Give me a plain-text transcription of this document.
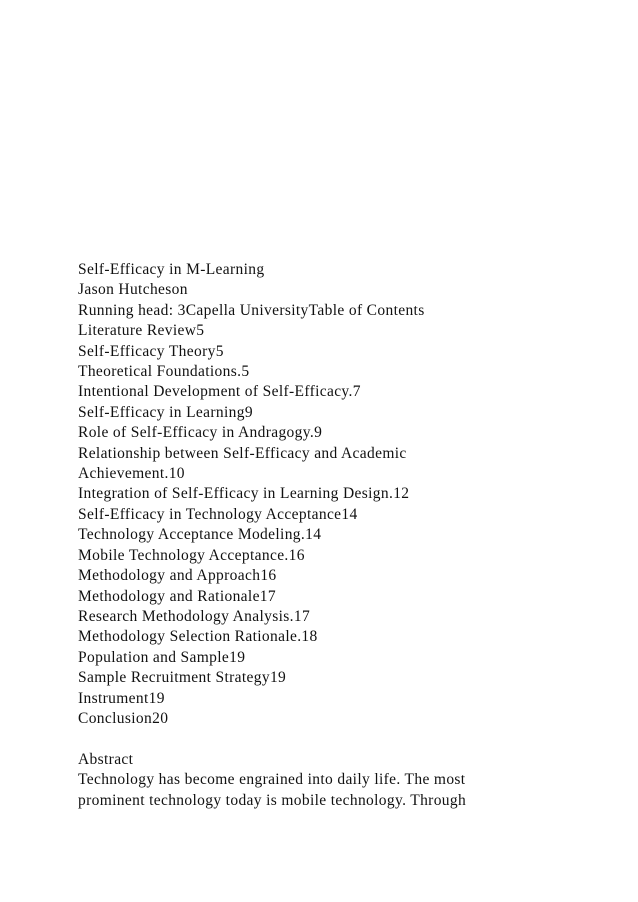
Self-Efficacy in M-Learning
Jason Hutcheson
Running head: 3Capella UniversityTable of Contents
Literature Review5
Self-Efficacy Theory5
Theoretical Foundations.5
Intentional Development of Self-Efficacy.7
Self-Efficacy in Learning9
Role of Self-Efficacy in Andragogy.9
Relationship between Self-Efficacy and Academic
Achievement.10
Integration of Self-Efficacy in Learning Design.12
Self-Efficacy in Technology Acceptance14
Technology Acceptance Modeling.14
Mobile Technology Acceptance.16
Methodology and Approach16
Methodology and Rationale17
Research Methodology Analysis.17
Methodology Selection Rationale.18
Population and Sample19
Sample Recruitment Strategy19
Instrument19
Conclusion20
Abstract
Technology has become engrained into daily life. The most
prominent technology today is mobile technology. Through
